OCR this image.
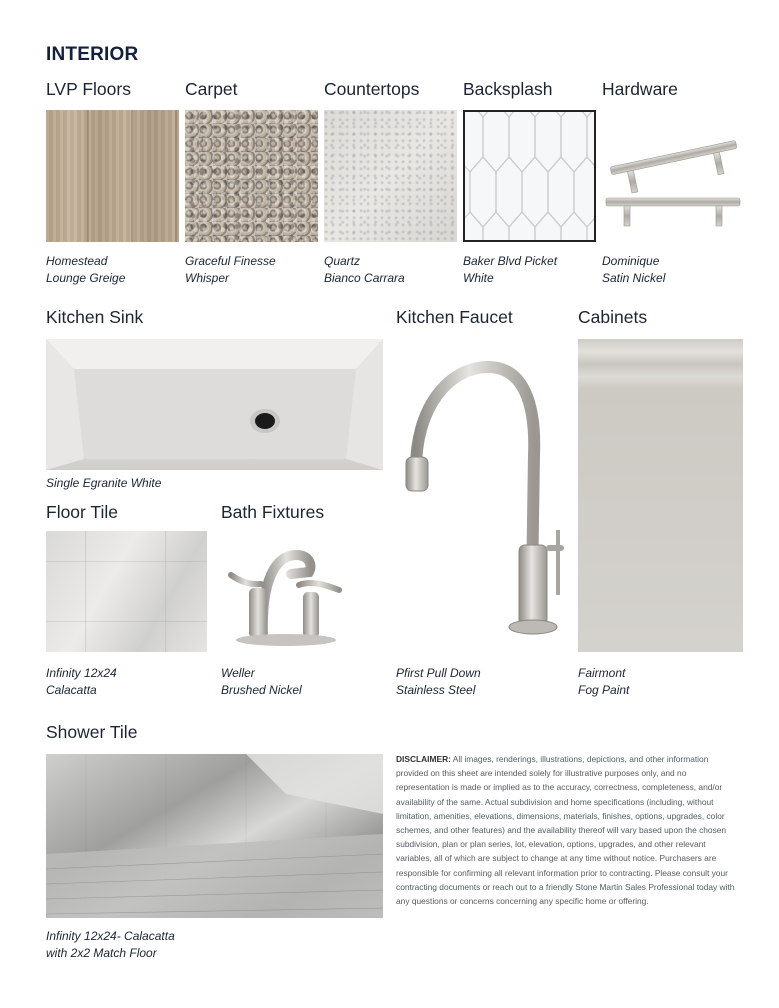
INTERIOR
LVP Floors	Carpet	Countertops Backsplash	Hardware
Homestead
Lounge Greige
Graceful Finesse
Whisper
Quartz
Bianco Carrara
Baker Blvd Picket
White
Dominique
Satin Nickel
Kitchen Sink	Kitchen Faucet	Cabinets
Single Egranite White
Pfirst Pull Down
Stainless Steel
Fairmont
Fog Paint
Floor Tile	Bath Fixtures
Infinity 12x24
Calacatta
Weller
Brushed Nickel
Shower Tile
Infinity 12x24- Calacatta
with 2x2 Match Floor
DISCLAIMER: All images, renderings, illustrations, depictions, and other information provided on this sheet are intended solely for illustrative purposes only, and no representation is made or implied as to the accuracy, correctness, completeness, and/or availability of the same. Actual subdivision and home specifications (including, without limitation, amenities, elevations, dimensions, materials, finishes, options, upgrades, color schemes, and other features) and the availability thereof will vary based upon the chosen subdivision, plan or plan series, lot, elevation, options, upgrades, and other relevant variables, all of which are subject to change at any time without notice. Purchasers are responsible for confirming all relevant information prior to contracting. Please consult your contracting documents or reach out to a friendly Stone Martin Sales Professional today with any questions or concerns concerning any specific home or offering.
